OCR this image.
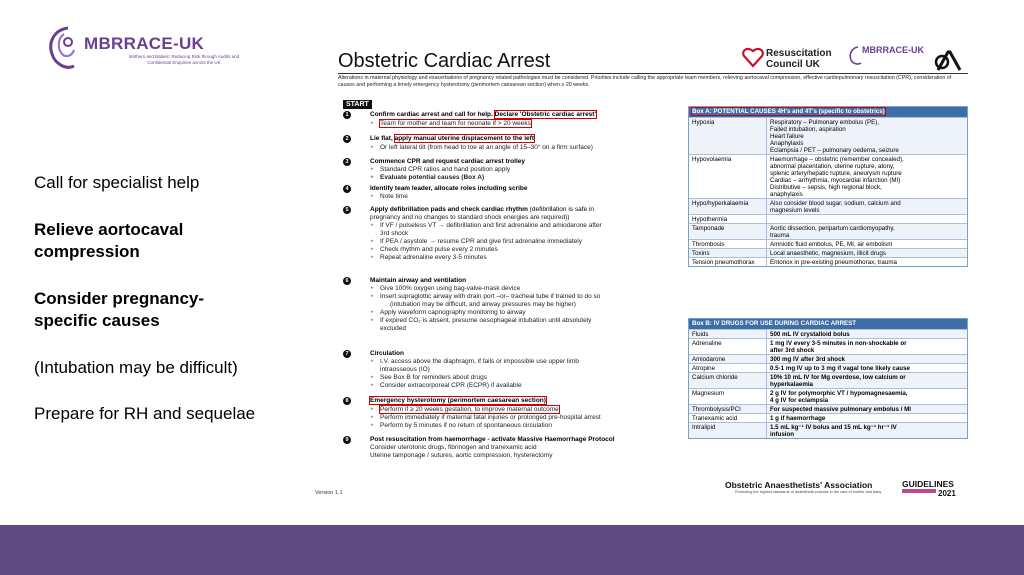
MBRRACE-UK
Mothers and Babies: Reducing Risk through Audits and Confidential Enquiries across the UK
Call for specialist help
Relieve aortocaval compression
Consider pregnancy-specific causes
(Intubation may be difficult)
Prepare for RH and sequelae
Obstetric Cardiac Arrest	Resuscitation Council UK
MBRRACE-UK
Alterations in maternal physiology and exacerbations of pregnancy related pathologies must be considered. Priorities include calling the appropriate team members, relieving aortocaval compression, effective cardiopulmonary resuscitation (CPR), consideration of causes and performing a timely emergency hysterotomy (perimortem caesarean section) when ≥ 20 weeks.
START
1	Confirm cardiac arrest and call for help. Declare 'Obstetric cardiac arrest'
▸ Team for mother and team for neonate if > 20 weeks
2	Lie flat, apply manual uterine displacement to the left
▸ Or left lateral tilt (from head to toe at an angle of 15–30° on a firm surface)
3	Commence CPR and request cardiac arrest trolley
▸ Standard CPR ratios and hand position apply
▸ Evaluate potential causes (Box A)
4	Identify team leader, allocate roles including scribe
▸ Note time
5	Apply defibrillation pads and check cardiac rhythm (defibrillation is safe in
pregnancy and no changes to standard shock energies are required))
▸ If VF / pulseless VT → defibrillation and first adrenaline and amiodarone after
3rd shock
▸ If PEA / asystole → resume CPR and give first adrenaline immediately
▸ Check rhythm and pulse every 2 minutes
▸ Repeat adrenaline every 3-5 minutes
6	Maintain airway and ventilation
▸ Give 100% oxygen using bag-valve-mask device
▸ Insert supraglottic airway with drain port –or– tracheal tube if trained to do so
(intubation may be difficult, and airway pressures may be higher)
▸ Apply waveform capnography monitoring to airway
▸ If expired CO₂ is absent, presume oesophageal intubation until absolutely
excluded
7	Circulation
▸ I.V. access above the diaphragm, if fails or impossible use upper limb
intraosseous (IO)
▸ See Box B for reminders about drugs
▸ Consider extracorporeal CPR (ECPR) if available
8	Emergency hysterotomy (perimortem caesarean section)
▸ Perform if ≥ 20 weeks gestation, to improve maternal outcome
▸ Perform immediately if maternal fatal injuries or prolonged pre-hospital arrest
▸ Perform by 5 minutes if no return of spontaneous circulation
9	Post resuscitation from haemorrhage - activate Massive Haemorrhage Protocol
Consider uterotonic drugs, fibrinogen and tranexamic acid
Uterine tamponage / sutures, aortic compression, hysterectomy
Version 1.1
Box A: POTENTIAL CAUSES 4H's and 4T's (specific to obstetrics)
Hypoxia	Respiratory – Pulmonary embolus (PE),
Failed intubation, aspiration
Heart failure
Anaphylaxis
Eclampsia / PET – pulmonary oedema, seizure
Hypovolaemia	Haemorrhage – obstetric (remember concealed),
abnormal placentation, uterine rupture, atony,
splenic artery/hepatic rupture, aneurysm rupture
Cardiac – arrhythmia, myocardial infarction (MI)
Distributive – sepsis, high regional block,
anaphylaxis
Hypo/hyperkalaemia	Also consider blood sugar, sodium, calcium and
magnesium levels
Hypothermia
Tamponade	Aortic dissection, peripartum cardiomyopathy,
trauma
Thrombosis	Amniotic fluid embolus, PE, MI, air embolism
Toxins	Local anaesthetic, magnesium, illicit drugs
Tension pneumothorax	Entonox in pre-existing pneumothorax, trauma
Box B: IV DRUGS FOR USE DURING CARDIAC ARREST
Fluids	500 mL IV crystalloid bolus
Adrenaline	1 mg IV every 3-5 minutes in non-shockable or
after 3rd shock
Amiodarone	300 mg IV after 3rd shock
Atropine	0.5-1 mg IV up to 3 mg if vagal tone likely cause
Calcium chloride	10% 10 mL IV for Mg overdose, low calcium or
hyperkalaemia
Magnesium	2 g IV for polymorphic VT / hypomagnesaemia,
4 g IV for eclampsia
Thrombolysis/PCI	For suspected massive pulmonary embolus / MI
Tranexamic acid	1 g if haemorrhage
Intralipid	1.5 mL kg⁻¹ IV bolus and 15 mL kg⁻¹ hr⁻¹ IV
infusion
Obstetric Anaesthetists' Association
Promoting the highest standards of anaesthetic practice in the care of mother and baby
GUIDELINES
2021
